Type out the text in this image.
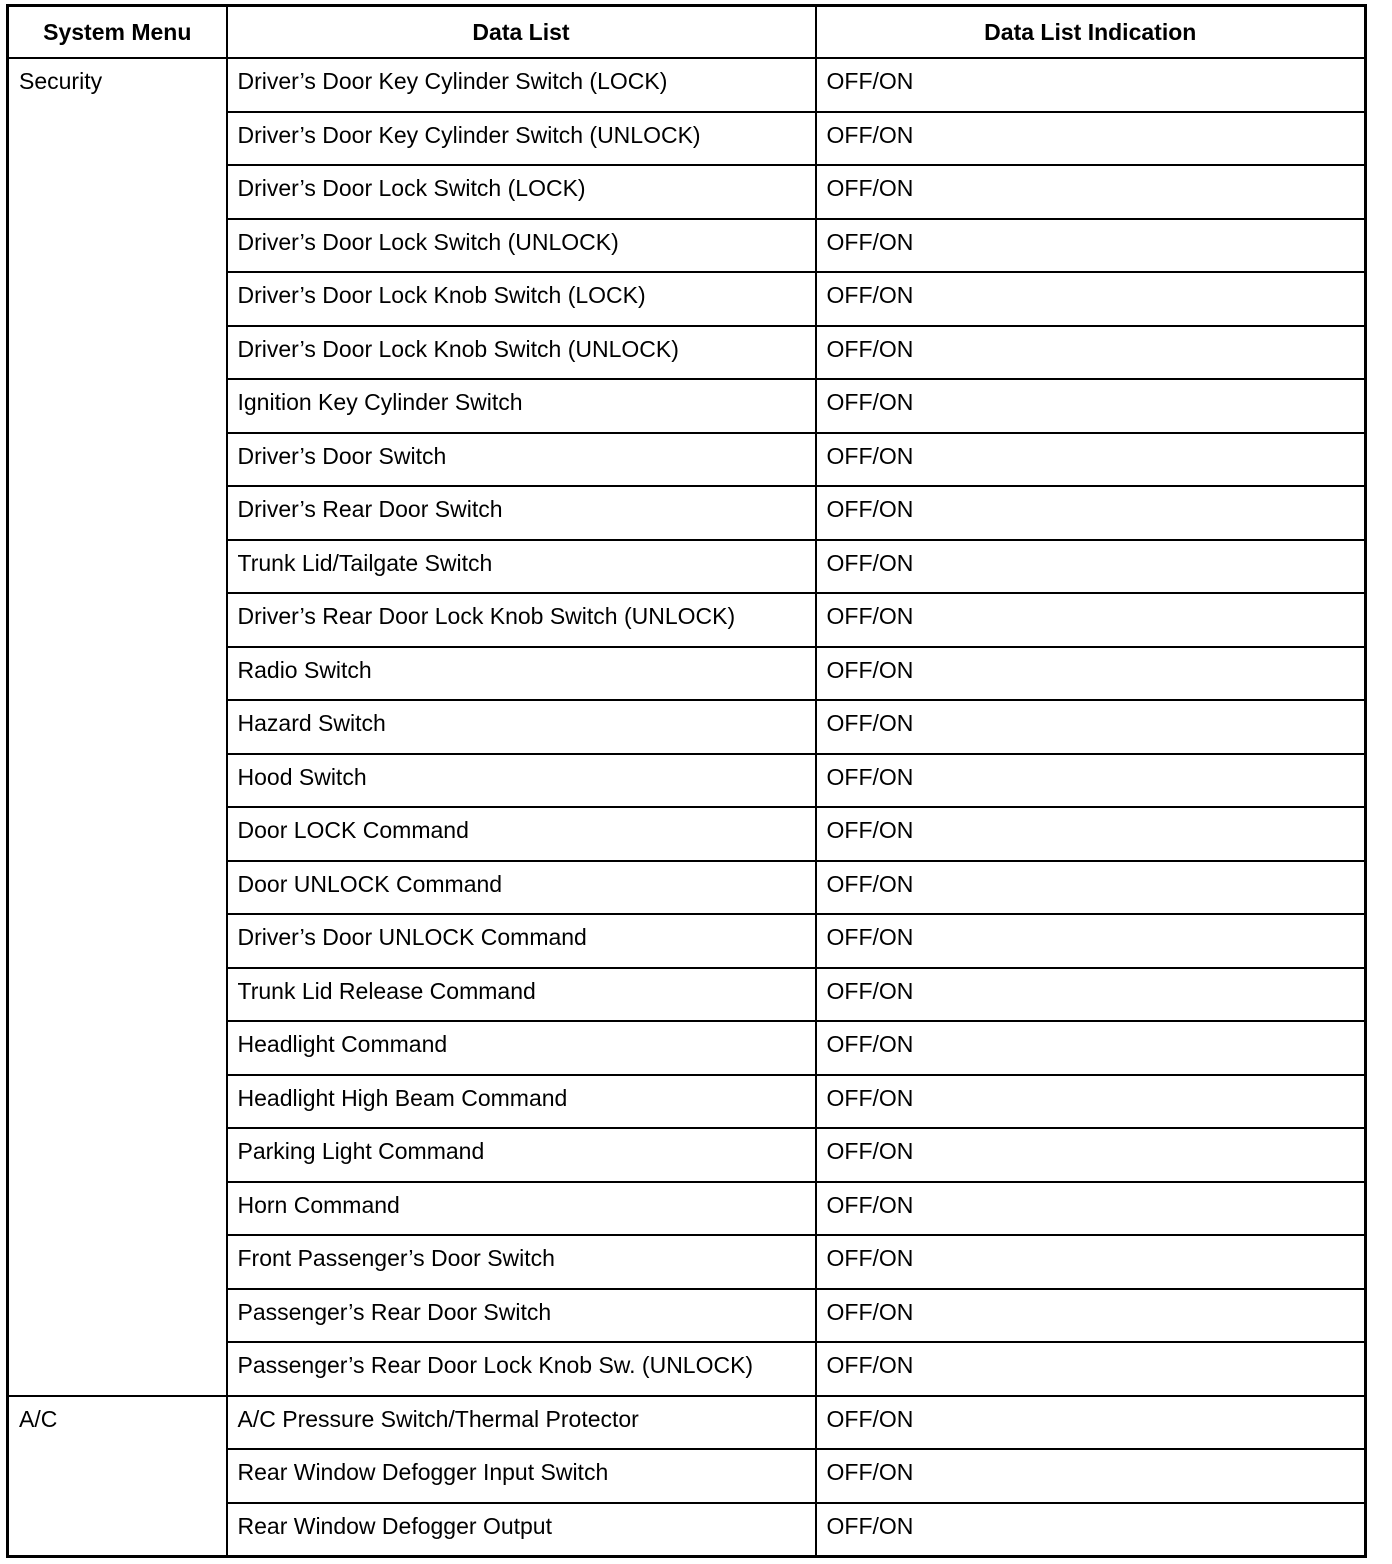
System Menu	Data List	Data List Indication
Security	Driver’s Door Key Cylinder Switch (LOCK)	OFF/ON
	Driver’s Door Key Cylinder Switch (UNLOCK)	OFF/ON
	Driver’s Door Lock Switch (LOCK)	OFF/ON
	Driver’s Door Lock Switch (UNLOCK)	OFF/ON
	Driver’s Door Lock Knob Switch (LOCK)	OFF/ON
	Driver’s Door Lock Knob Switch (UNLOCK)	OFF/ON
	Ignition Key Cylinder Switch	OFF/ON
	Driver’s Door Switch	OFF/ON
	Driver’s Rear Door Switch	OFF/ON
	Trunk Lid/Tailgate Switch	OFF/ON
	Driver’s Rear Door Lock Knob Switch (UNLOCK)	OFF/ON
	Radio Switch	OFF/ON
	Hazard Switch	OFF/ON
	Hood Switch	OFF/ON
	Door LOCK Command	OFF/ON
	Door UNLOCK Command	OFF/ON
	Driver’s Door UNLOCK Command	OFF/ON
	Trunk Lid Release Command	OFF/ON
	Headlight Command	OFF/ON
	Headlight High Beam Command	OFF/ON
	Parking Light Command	OFF/ON
	Horn Command	OFF/ON
	Front Passenger’s Door Switch	OFF/ON
	Passenger’s Rear Door Switch	OFF/ON
	Passenger’s Rear Door Lock Knob Sw. (UNLOCK)	OFF/ON
A/C	A/C Pressure Switch/Thermal Protector	OFF/ON
	Rear Window Defogger Input Switch	OFF/ON
	Rear Window Defogger Output	OFF/ON
